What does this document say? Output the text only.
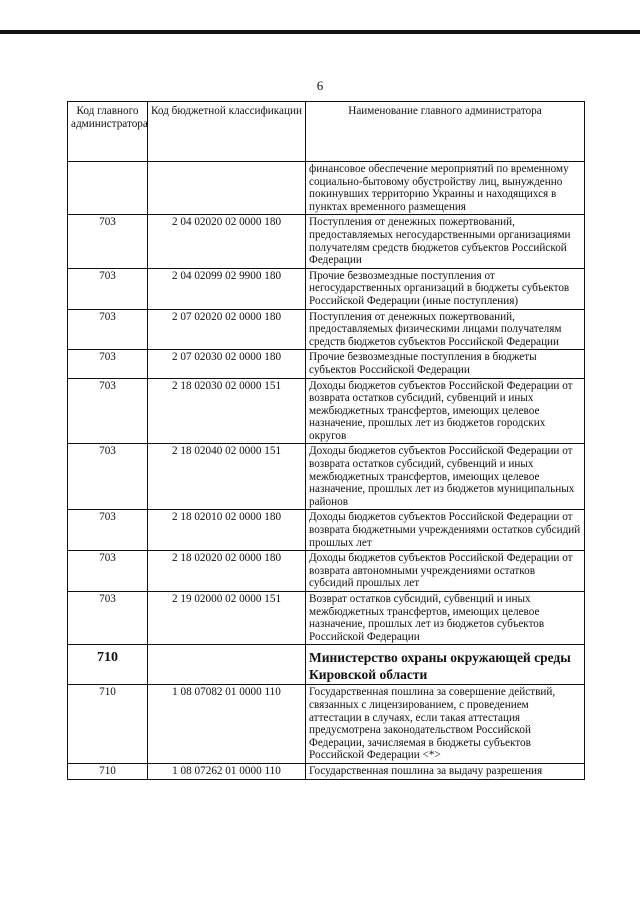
6
Код главного администратора	Код бюджетной классификации	Наименование главного администратора
		финансовое обеспечение мероприятий по временному социально-бытовому обустройству лиц, вынужденно покинувших территорию Украины и находящихся в пунктах временного размещения
703	2 04 02020 02 0000 180	Поступления от денежных пожертвований, предоставляемых негосударственными организациями получателям средств бюджетов субъектов Российской Федерации
703	2 04 02099 02 9900 180	Прочие безвозмездные поступления от негосударственных организаций в бюджеты субъектов Российской Федерации (иные поступления)
703	2 07 02020 02 0000 180	Поступления от денежных пожертвований, предоставляемых физическими лицами получателям средств бюджетов субъектов Российской Федерации
703	2 07 02030 02 0000 180	Прочие безвозмездные поступления в бюджеты субъектов Российской Федерации
703	2 18 02030 02 0000 151	Доходы бюджетов субъектов Российской Федерации от возврата остатков субсидий, субвенций и иных межбюджетных трансфертов, имеющих целевое назначение, прошлых лет из бюджетов городских округов
703	2 18 02040 02 0000 151	Доходы бюджетов субъектов Российской Федерации от возврата остатков субсидий, субвенций и иных межбюджетных трансфертов, имеющих целевое назначение, прошлых лет из бюджетов муниципальных районов
703	2 18 02010 02 0000 180	Доходы бюджетов субъектов Российской Федерации от возврата бюджетными учреждениями остатков субсидий прошлых лет
703	2 18 02020 02 0000 180	Доходы бюджетов субъектов Российской Федерации от возврата автономными учреждениями остатков субсидий прошлых лет
703	2 19 02000 02 0000 151	Возврат остатков субсидий, субвенций и иных межбюджетных трансфертов, имеющих целевое назначение, прошлых лет из бюджетов субъектов Российской Федерации
710		Министерство охраны окружающей среды Кировской области
710	1 08 07082 01 0000 110	Государственная пошлина за совершение действий, связанных с лицензированием, с проведением аттестации в случаях, если такая аттестация предусмотрена законодательством Российской Федерации, зачисляемая в бюджеты субъектов Российской Федерации <*>
710	1 08 07262 01 0000 110	Государственная пошлина за выдачу разрешения
